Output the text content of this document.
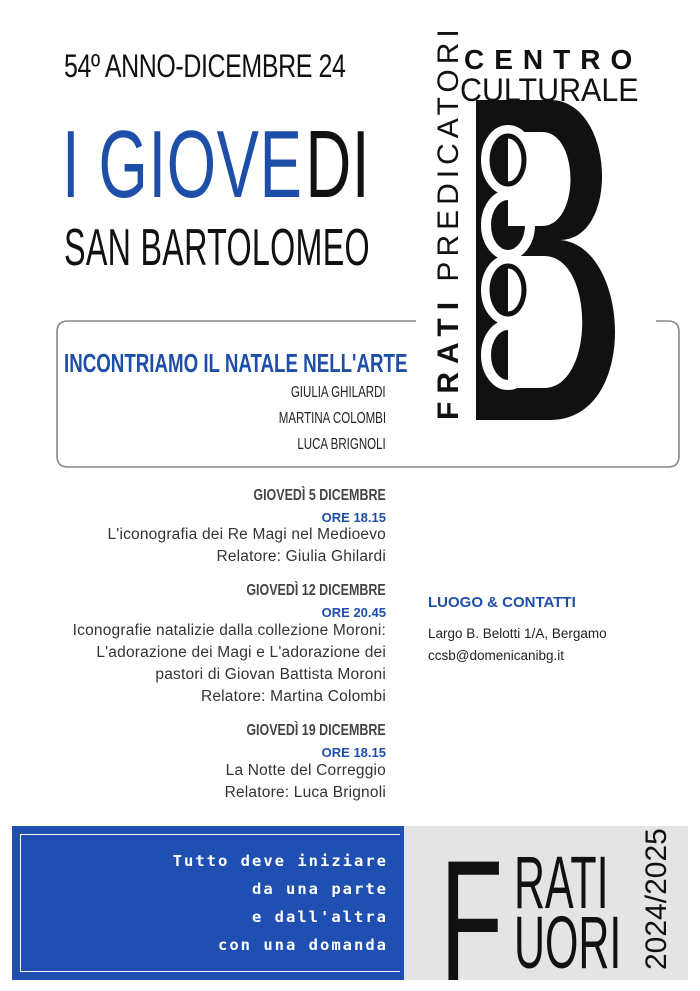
54º ANNO-DICEMBRE 24
I GIOVE DI
SAN BARTOLOMEO
CENTRO
CULTURALE
FRATI PREDICATORI
INCONTRIAMO IL NATALE NELL'ARTE
GIULIA GHILARDI
MARTINA COLOMBI
LUCA BRIGNOLI
GIOVEDÌ 5 DICEMBRE
ORE 18.15
L'iconografia dei Re Magi nel Medioevo
Relatore: Giulia Ghilardi
GIOVEDÌ 12 DICEMBRE
ORE 20.45
Iconografie natalizie dalla collezione Moroni:
L'adorazione dei Magi e L'adorazione dei
pastori di Giovan Battista Moroni
Relatore: Martina Colombi
GIOVEDÌ 19 DICEMBRE
ORE 18.15
La Notte del Correggio
Relatore: Luca Brignoli
LUOGO & CONTATTI
Largo B. Belotti 1/A, Bergamo
ccsb@domenicanibg.it
Tutto deve iniziare
da una parte
e dall'altra
con una domanda F RATI
UORI 2024/2025
